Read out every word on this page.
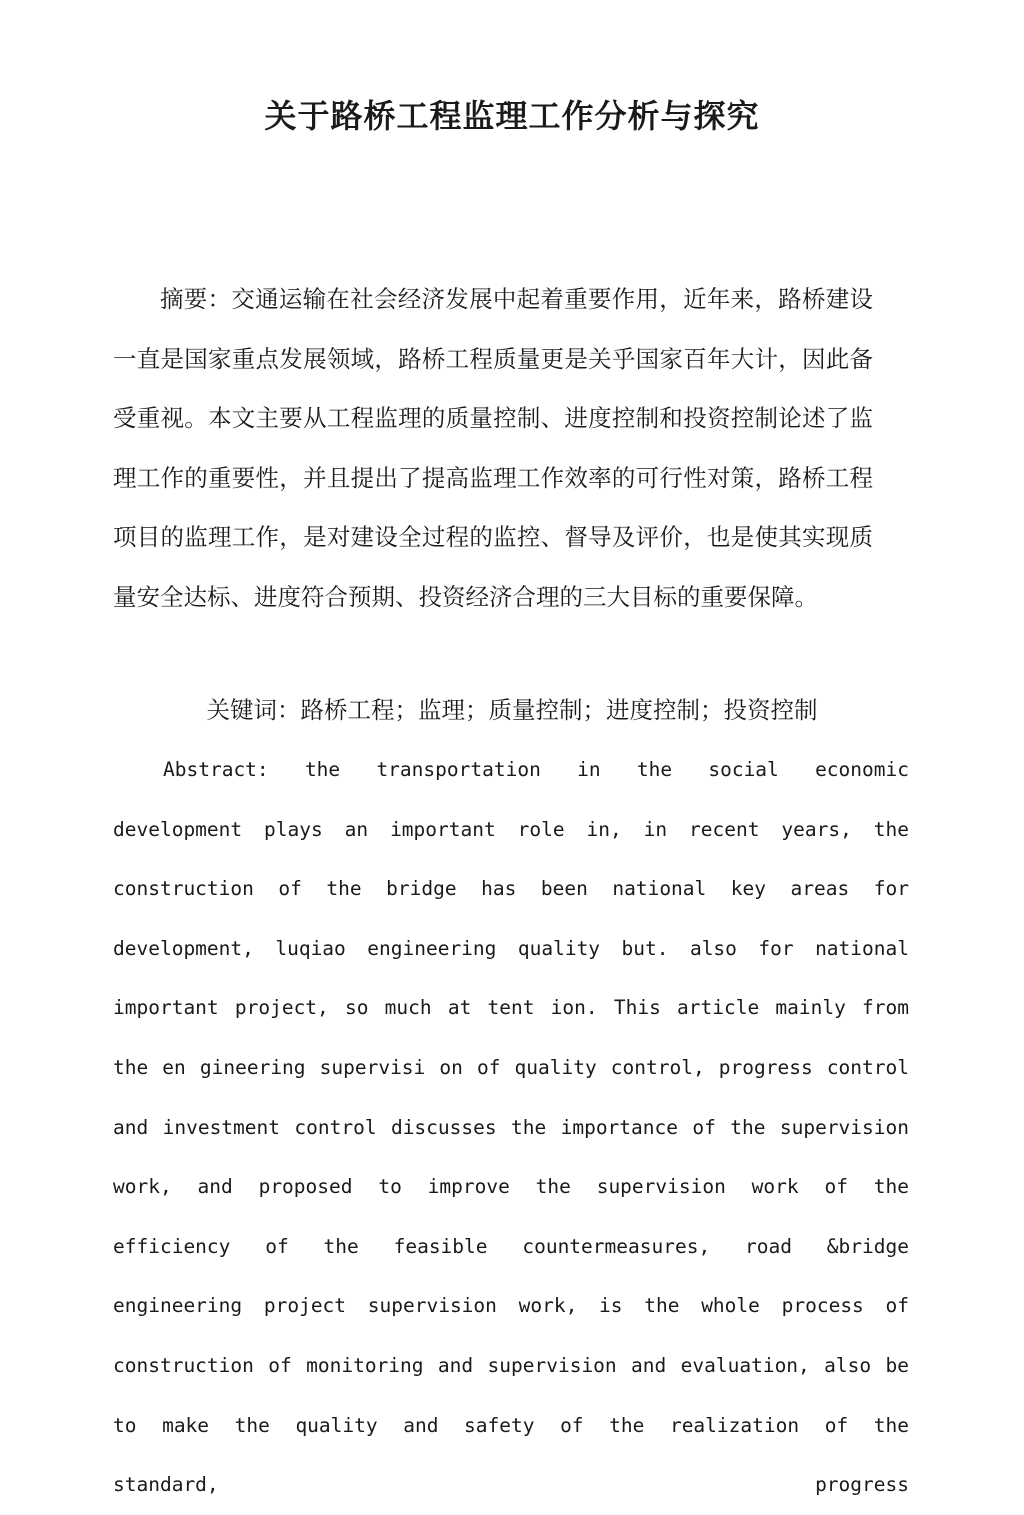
关于路桥工程监理工作分析与探究

摘要：交通运输在社会经济发展中起着重要作用，近年来，路桥建设一直是国家重点发展领域，路桥工程质量更是关乎国家百年大计，因此备受重视。本文主要从工程监理的质量控制、进度控制和投资控制论述了监理工作的重要性，并且提出了提高监理工作效率的可行性对策，路桥工程项目的监理工作，是对建设全过程的监控、督导及评价，也是使其实现质量安全达标、进度符合预期、投资经济合理的三大目标的重要保障。

关键词：路桥工程；监理；质量控制；进度控制；投资控制

Abstract: the transportation in the social economic development plays an important role in, in recent years, the construction of the bridge has been national key areas for development, luqiao engineering quality but. also for national important project, so much at tent ion. This article mainly from the en gineering supervisi on of quality control, progress control and investment control discusses the importance of the supervision work, and proposed to improve the supervision work of the efficiency of the feasible countermeasures, road &bridge engineering project supervision work, is the whole process of construction of monitoring and supervision and evaluation, also be to make the quality and safety of the realization of the standard, progress
